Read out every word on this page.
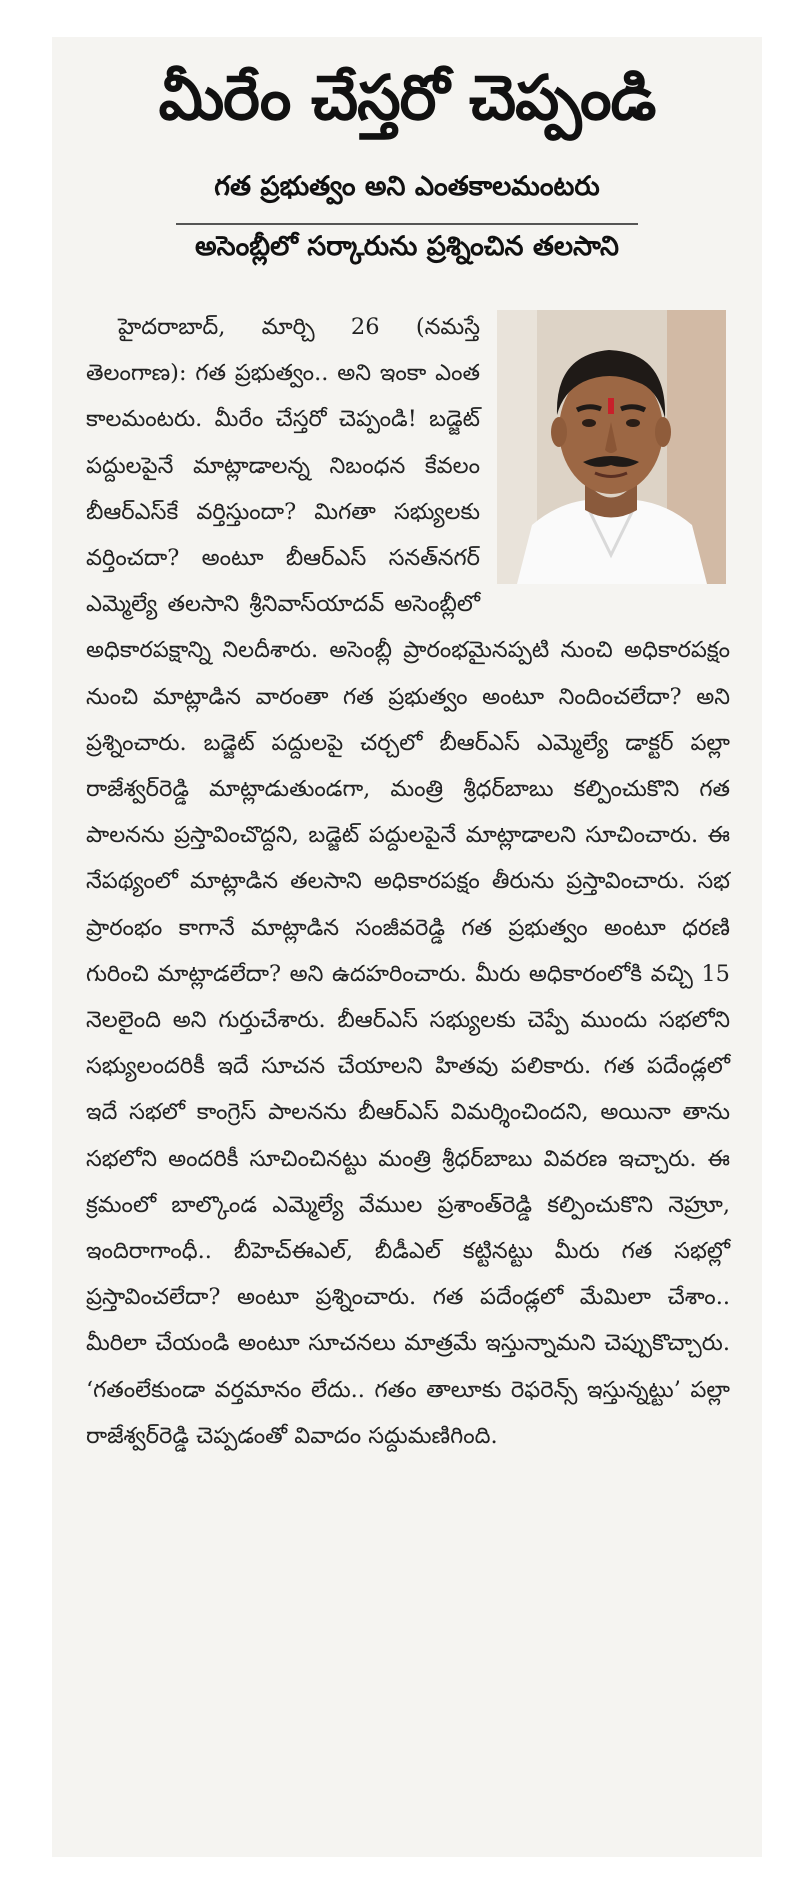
మీరేం చేస్తరో చెప్పండి
గత ప్రభుత్వం అని ఎంతకాలమంటరు
అసెంబ్లీలో సర్కారును ప్రశ్నించిన తలసాని

హైదరాబాద్, మార్చి 26 (నమస్తే తెలంగాణ): గత ప్రభుత్వం.. అని ఇంకా ఎంత కాలమంటరు. మీరేం చేస్తరో చెప్పండి! బడ్జెట్ పద్దులపైనే మాట్లాడాలన్న నిబంధన కేవలం బీఆర్ఎస్‌కే వర్తిస్తుందా? మిగతా సభ్యులకు వర్తించదా? అంటూ బీఆర్ఎస్ సనత్‌నగర్ ఎమ్మెల్యే తలసాని శ్రీనివాస్‌యాదవ్ అసెంబ్లీలో అధికారపక్షాన్ని నిలదీశారు. అసెంబ్లీ ప్రారంభమైనప్పటి నుంచి అధికారపక్షం నుంచి మాట్లాడిన వారంతా గత ప్రభుత్వం అంటూ నిందించలేదా? అని ప్రశ్నించారు. బడ్జెట్ పద్దులపై చర్చలో బీఆర్ఎస్ ఎమ్మెల్యే డాక్టర్ పల్లా రాజేశ్వర్‌రెడ్డి మాట్లాడుతుండగా, మంత్రి శ్రీధర్‌బాబు కల్పించుకొని గత పాలనను ప్రస్తావించొద్దని, బడ్జెట్ పద్దులపైనే మాట్లాడాలని సూచించారు. ఈ నేపథ్యంలో మాట్లాడిన తలసాని అధికారపక్షం తీరును ప్రస్తావించారు. సభ ప్రారంభం కాగానే మాట్లాడిన సంజీవరెడ్డి గత ప్రభుత్వం అంటూ ధరణి గురించి మాట్లాడలేదా? అని ఉదహరించారు. మీరు అధికారంలోకి వచ్చి 15 నెలలైంది అని గుర్తుచేశారు. బీఆర్ఎస్ సభ్యులకు చెప్పే ముందు సభలోని సభ్యులందరికీ ఇదే సూచన చేయాలని హితవు పలికారు. గత పదేండ్లలో ఇదే సభలో కాంగ్రెస్ పాలనను బీఆర్ఎస్ విమర్శించిందని, అయినా తాను సభలోని అందరికీ సూచించినట్టు మంత్రి శ్రీధర్‌బాబు వివరణ ఇచ్చారు. ఈ క్రమంలో బాల్కొండ ఎమ్మెల్యే వేముల ప్రశాంత్‌రెడ్డి కల్పించుకొని నెహ్రూ, ఇందిరాగాంధీ.. బీహెచ్ఈఎల్, బీడీఎల్ కట్టినట్టు మీరు గత సభల్లో ప్రస్తావించలేదా? అంటూ ప్రశ్నించారు. గత పదేండ్లలో మేమిలా చేశాం.. మీరిలా చేయండి అంటూ సూచనలు మాత్రమే ఇస్తున్నామని చెప్పుకొచ్చారు. ‘గతంలేకుండా వర్తమానం లేదు.. గతం తాలూకు రెఫరెన్స్ ఇస్తున్నట్టు’ పల్లా రాజేశ్వర్‌రెడ్డి చెప్పడంతో వివాదం సద్దుమణిగింది.
